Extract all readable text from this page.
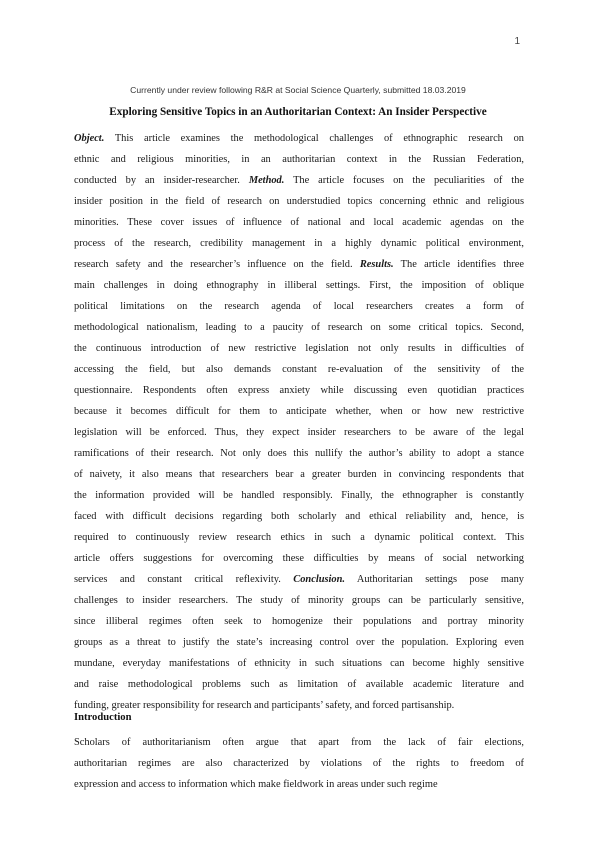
1
Currently under review following R&R at Social Science Quarterly, submitted 18.03.2019
Exploring Sensitive Topics in an Authoritarian Context: An Insider Perspective
Object. This article examines the methodological challenges of ethnographic research on
ethnic and religious minorities, in an authoritarian context in the Russian Federation,
conducted by an insider-researcher. Method. The article focuses on the peculiarities of the
insider position in the field of research on understudied topics concerning ethnic and religious
minorities. These cover issues of influence of national and local academic agendas on the
process of the research, credibility management in a highly dynamic political environment,
research safety and the researcher’s influence on the field. Results. The article identifies three
main challenges in doing ethnography in illiberal settings. First, the imposition of oblique
political limitations on the research agenda of local researchers creates a form of
methodological nationalism, leading to a paucity of research on some critical topics. Second,
the continuous introduction of new restrictive legislation not only results in difficulties of
accessing the field, but also demands constant re-evaluation of the sensitivity of the
questionnaire. Respondents often express anxiety while discussing even quotidian practices
because it becomes difficult for them to anticipate whether, when or how new restrictive
legislation will be enforced. Thus, they expect insider researchers to be aware of the legal
ramifications of their research. Not only does this nullify the author’s ability to adopt a stance
of naivety, it also means that researchers bear a greater burden in convincing respondents that
the information provided will be handled responsibly. Finally, the ethnographer is constantly
faced with difficult decisions regarding both scholarly and ethical reliability and, hence, is
required to continuously review research ethics in such a dynamic political context. This
article offers suggestions for overcoming these difficulties by means of social networking
services and constant critical reflexivity. Conclusion. Authoritarian settings pose many
challenges to insider researchers. The study of minority groups can be particularly sensitive,
since illiberal regimes often seek to homogenize their populations and portray minority
groups as a threat to justify the state’s increasing control over the population. Exploring even
mundane, everyday manifestations of ethnicity in such situations can become highly sensitive
and raise methodological problems such as limitation of available academic literature and
funding, greater responsibility for research and participants’ safety, and forced partisanship.
Introduction
Scholars of authoritarianism often argue that apart from the lack of fair elections,
authoritarian regimes are also characterized by violations of the rights to freedom of
expression and access to information which make fieldwork in areas under such regime
